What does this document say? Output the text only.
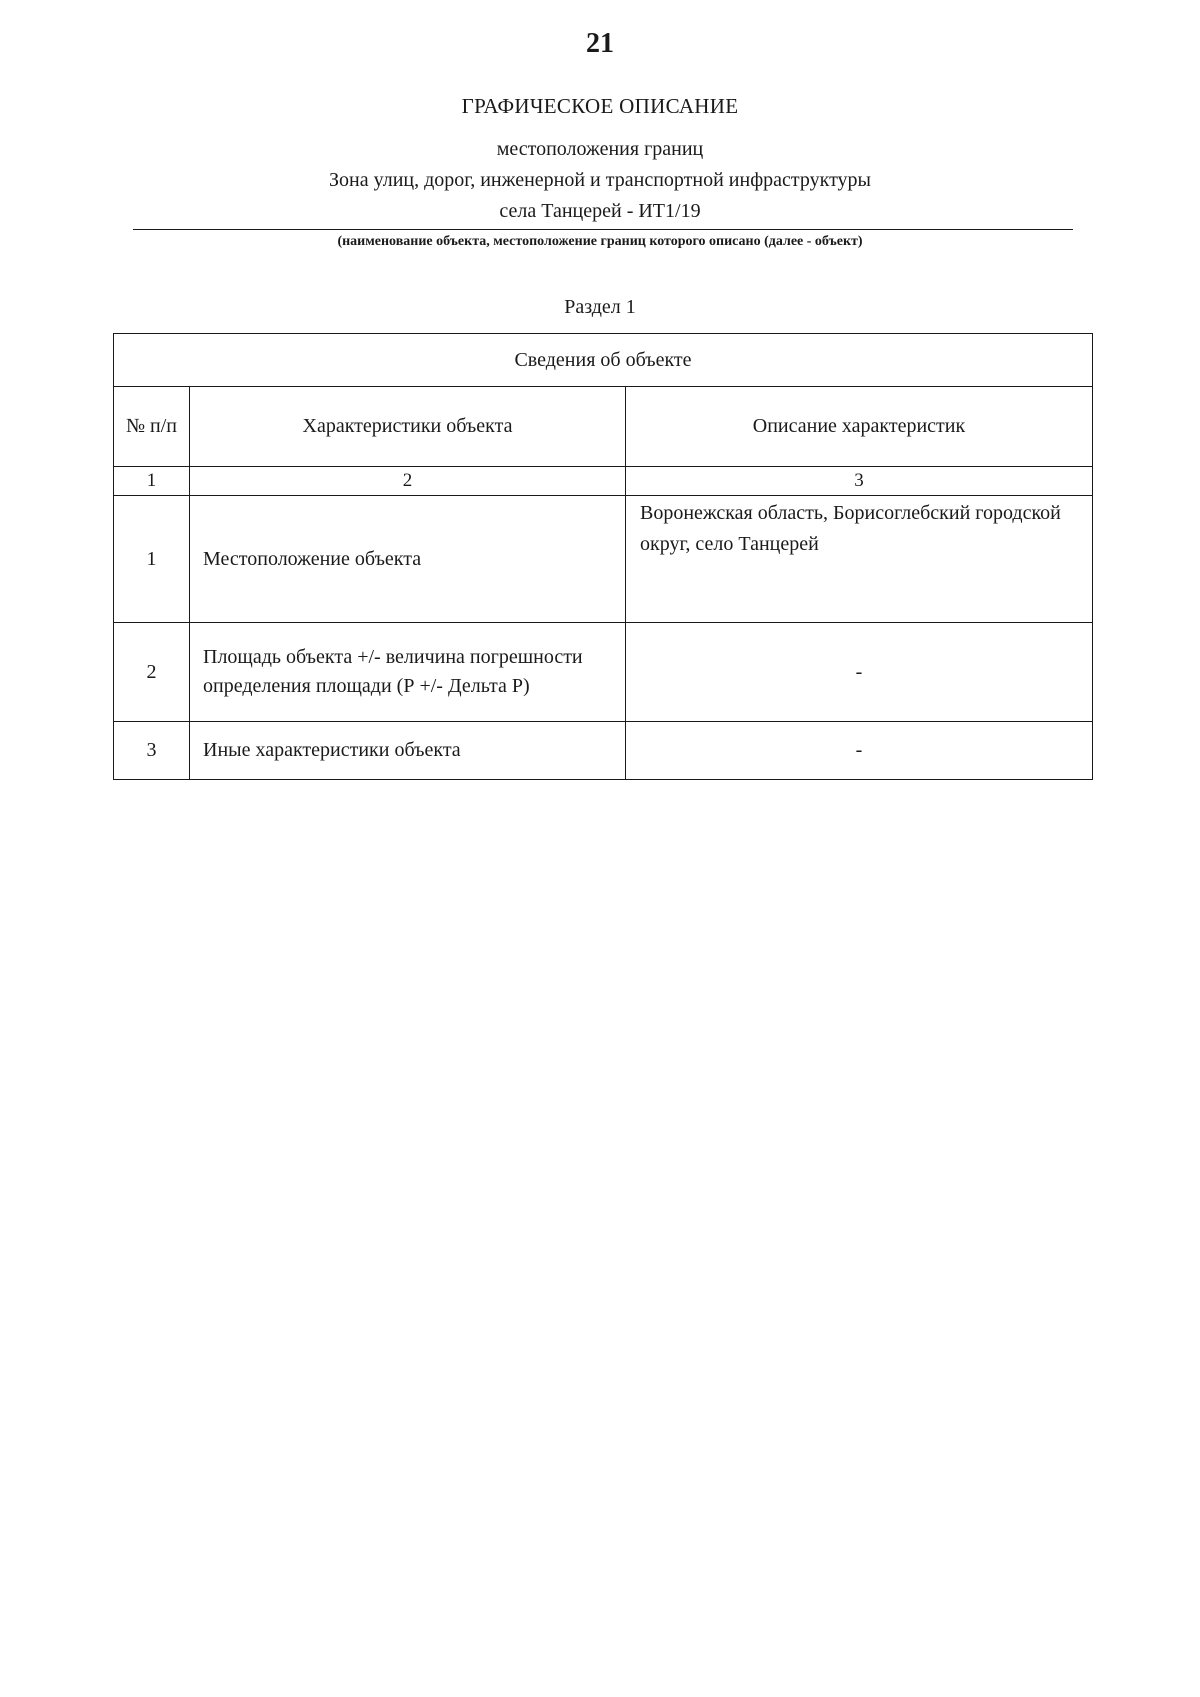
21
ГРАФИЧЕСКОЕ ОПИСАНИЕ
местоположения границ
Зона улиц, дорог, инженерной и транспортной инфраструктуры
села Танцерей - ИТ1/19
(наименование объекта, местоположение границ которого описано (далее - объект)
Раздел 1
Сведения об объекте		
№ п/п	Характеристики объекта	Описание характеристик
1	2	3
1	Местоположение объекта	Воронежская область, Борисоглебский городской округ, село Танцерей
2	Площадь объекта +/- величина погрешности определения площади (Р +/- Дельта Р)	-
3	Иные характеристики объекта	-
